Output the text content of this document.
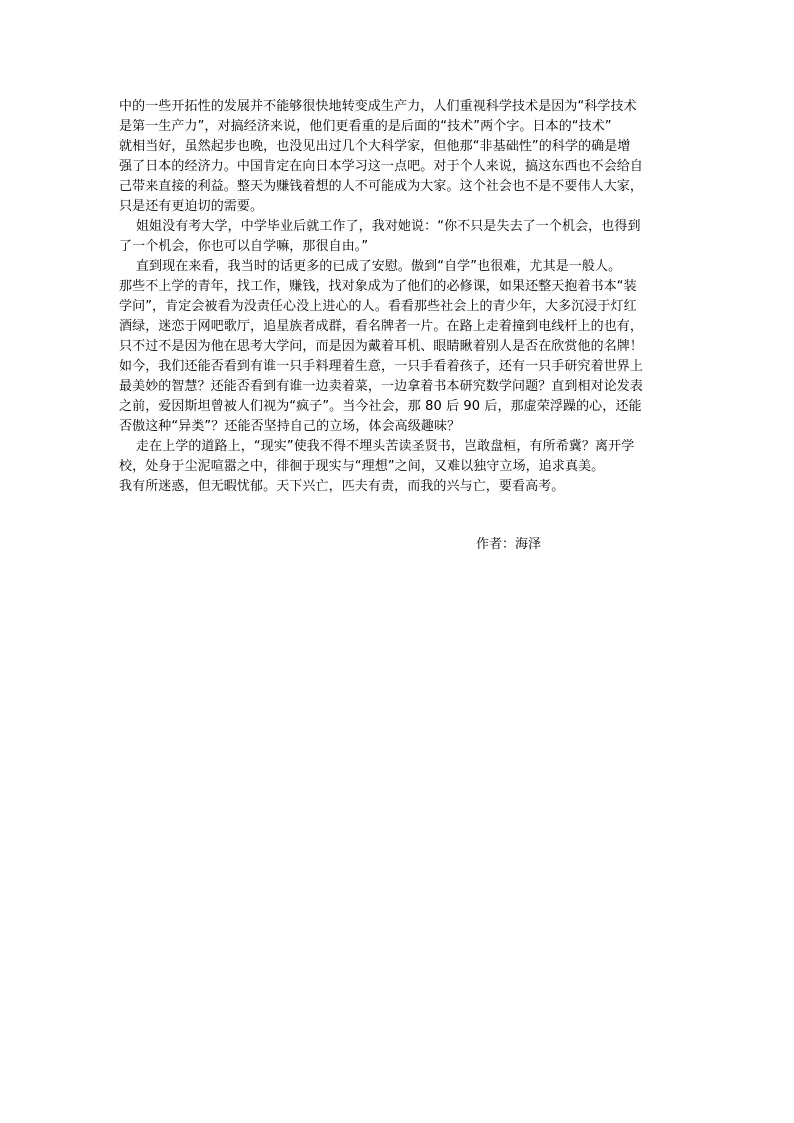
中的一些开拓性的发展并不能够很快地转变成生产力，人们重视科学技术是因为“科学技术
是第一生产力”，对搞经济来说，他们更看重的是后面的“技术”两个字。日本的“技术”
就相当好，虽然起步也晚，也没见出过几个大科学家，但他那“非基础性”的科学的确是增
强了日本的经济力。中国肯定在向日本学习这一点吧。对于个人来说，搞这东西也不会给自
己带来直接的利益。整天为赚钱着想的人不可能成为大家。这个社会也不是不要伟人大家，
只是还有更迫切的需要。
姐姐没有考大学，中学毕业后就工作了，我对她说：“你不只是失去了一个机会，也得到
了一个机会，你也可以自学嘛，那很自由。”
直到现在来看，我当时的话更多的已成了安慰。傲到“自学”也很难，尤其是一般人。
那些不上学的青年，找工作，赚钱，找对象成为了他们的必修课，如果还整天抱着书本“装
学问”，肯定会被看为没责任心没上进心的人。看看那些社会上的青少年，大多沉浸于灯红
酒绿，迷恋于网吧歌厅，追星族者成群，看名牌者一片。在路上走着撞到电线杆上的也有，
只不过不是因为他在思考大学问，而是因为戴着耳机、眼睛瞅着别人是否在欣赏他的名牌！
如今，我们还能否看到有谁一只手料理着生意，一只手看着孩子，还有一只手研究着世界上
最美妙的智慧？还能否看到有谁一边卖着菜，一边拿着书本研究数学问题？直到相对论发表
之前，爱因斯坦曾被人们视为“疯子”。当今社会，那 80 后 90 后，那虚荣浮躁的心，还能
否傲这种“异类”？还能否坚持自己的立场，体会高级趣味？
走在上学的道路上，“现实”使我不得不埋头苦读圣贤书，岂敢盘桓，有所希冀？离开学
校，处身于尘泥喧嚣之中，徘徊于现实与“理想”之间，又难以独守立场，追求真美。
我有所迷惑，但无暇忧郁。天下兴亡，匹夫有责，而我的兴与亡，要看高考。
作者：海泽
